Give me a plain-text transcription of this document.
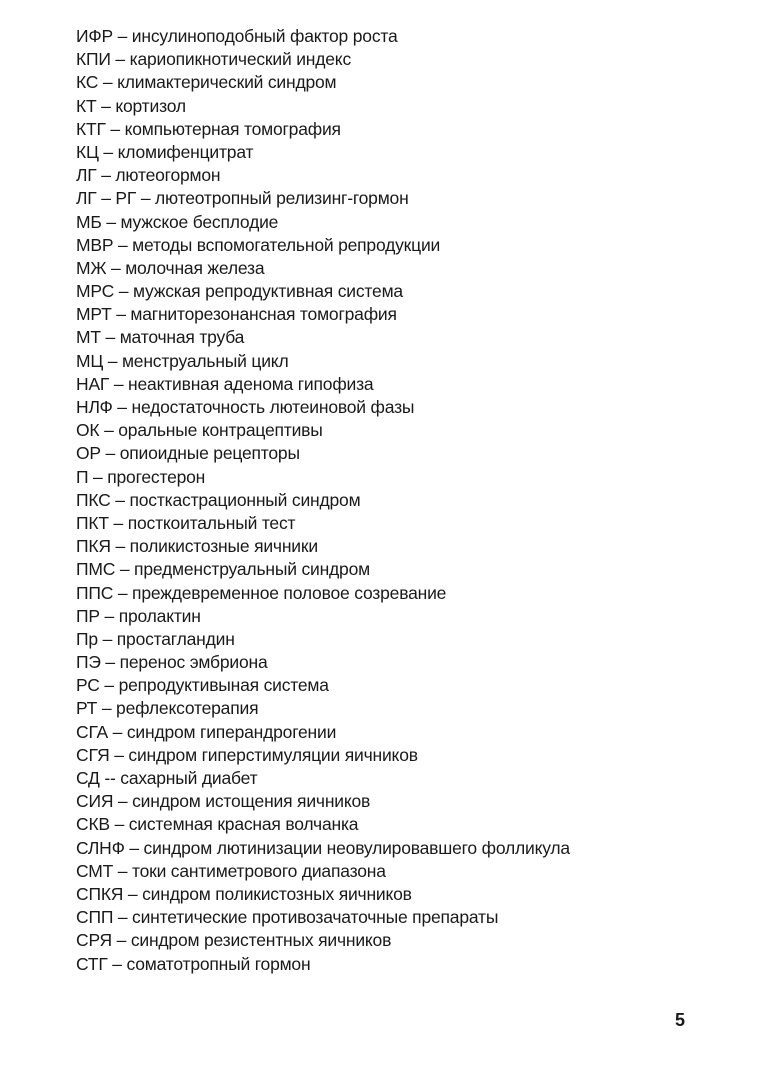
ИФР – инсулиноподобный фактор роста
КПИ – кариопикнотический индекс
КС – климактерический синдром
КТ – кортизол
КТГ – компьютерная томография
КЦ – кломифенцитрат
ЛГ – лютеогормон
ЛГ – РГ – лютеотропный релизинг-гормон
МБ – мужское бесплодие
МВР – методы вспомогательной репродукции
МЖ – молочная железа
МРС – мужская репродуктивная система
МРТ – магниторезонансная томография
МТ – маточная труба
МЦ – менструальный цикл
НАГ – неактивная аденома гипофиза
НЛФ – недостаточность лютеиновой фазы
ОК – оральные контрацептивы
ОР – опиоидные рецепторы
П – прогестерон
ПКС – посткастрационный синдром
ПКТ – посткоитальный тест
ПКЯ – поликистозные яичники
ПМС – предменструальный синдром
ППС – преждевременное половое созревание
ПР – пролактин
Пр – простагландин
ПЭ – перенос эмбриона
РС – репродуктивыная система
РТ – рефлексотерапия
СГА – синдром гиперандрогении
СГЯ – синдром гиперстимуляции яичников
СД -- сахарный диабет
СИЯ – синдром истощения яичников
СКВ – системная красная волчанка
СЛНФ – синдром лютинизации неовулировавшего фолликула
СМТ – токи сантиметрового диапазона
СПКЯ – синдром поликистозных яичников
СПП – синтетические противозачаточные препараты
СРЯ – синдром резистентных яичников
СТГ – соматотропный гормон
5
